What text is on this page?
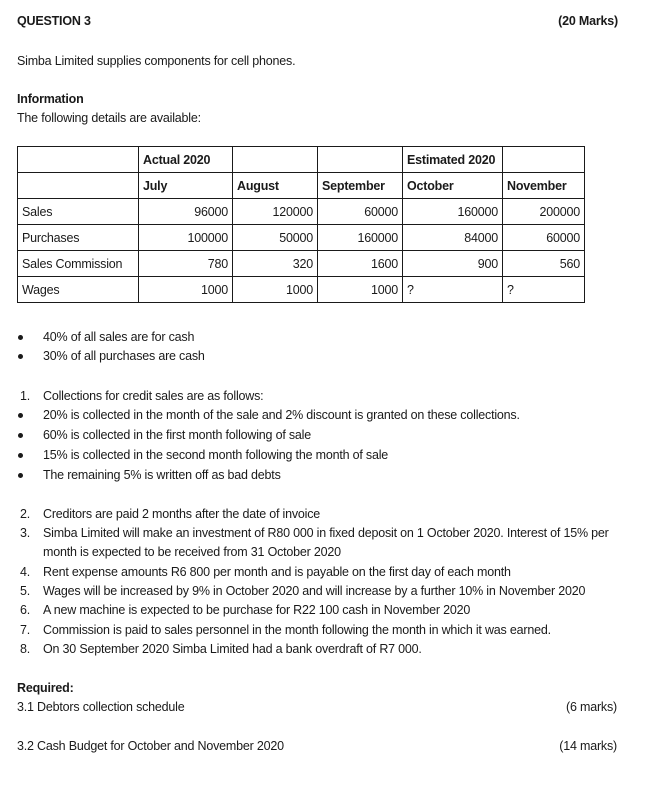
QUESTION 3	(20 Marks)
Simba Limited supplies components for cell phones.
Information
The following details are available:
	Actual 2020			Estimated 2020	
	July	August	September	October	November
Sales	96000	120000	60000	160000	200000
Purchases	100000	50000	160000	84000	60000
Sales Commission	780	320	1600	900	560
Wages	1000	1000	1000	?	?
40% of all sales are for cash
30% of all purchases are cash
1. Collections for credit sales are as follows:
20% is collected in the month of the sale and 2% discount is granted on these collections.
60% is collected in the first month following of sale
15% is collected in the second month following the month of sale
The remaining 5% is written off as bad debts
2. Creditors are paid 2 months after the date of invoice
3. Simba Limited will make an investment of R80 000 in fixed deposit on 1 October 2020. Interest of 15% per
month is expected to be received from 31 October 2020
4. Rent expense amounts R6 800 per month and is payable on the first day of each month
5. Wages will be increased by 9% in October 2020 and will increase by a further 10% in November 2020
6. A new machine is expected to be purchase for R22 100 cash in November 2020
7. Commission is paid to sales personnel in the month following the month in which it was earned.
8. On 30 September 2020 Simba Limited had a bank overdraft of R7 000.
Required:
3.1 Debtors collection schedule	(6 marks)
3.2 Cash Budget for October and November 2020	(14 marks)
